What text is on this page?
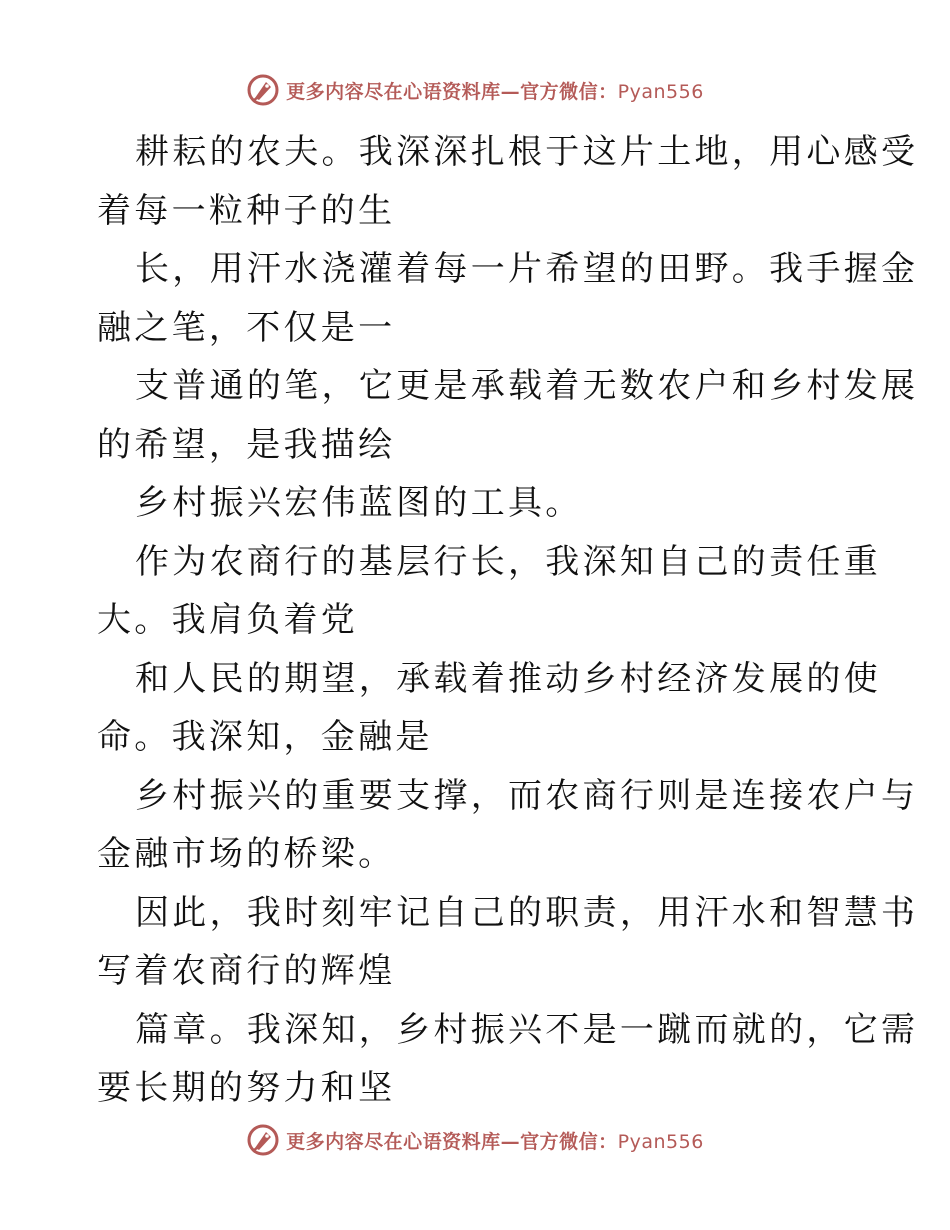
更多内容尽在心语资料库—官方微信：Pyan556
耕耘的农夫。我深深扎根于这片土地，用心感受
着每一粒种子的生
长，用汗水浇灌着每一片希望的田野。我手握金
融之笔，不仅是一
支普通的笔，它更是承载着无数农户和乡村发展
的希望，是我描绘
乡村振兴宏伟蓝图的工具。
作为农商行的基层行长，我深知自己的责任重
大。我肩负着党
和人民的期望，承载着推动乡村经济发展的使
命。我深知，金融是
乡村振兴的重要支撑，而农商行则是连接农户与
金融市场的桥梁。
因此，我时刻牢记自己的职责，用汗水和智慧书
写着农商行的辉煌
篇章。我深知，乡村振兴不是一蹴而就的，它需
要长期的努力和坚
更多内容尽在心语资料库—官方微信：Pyan556
